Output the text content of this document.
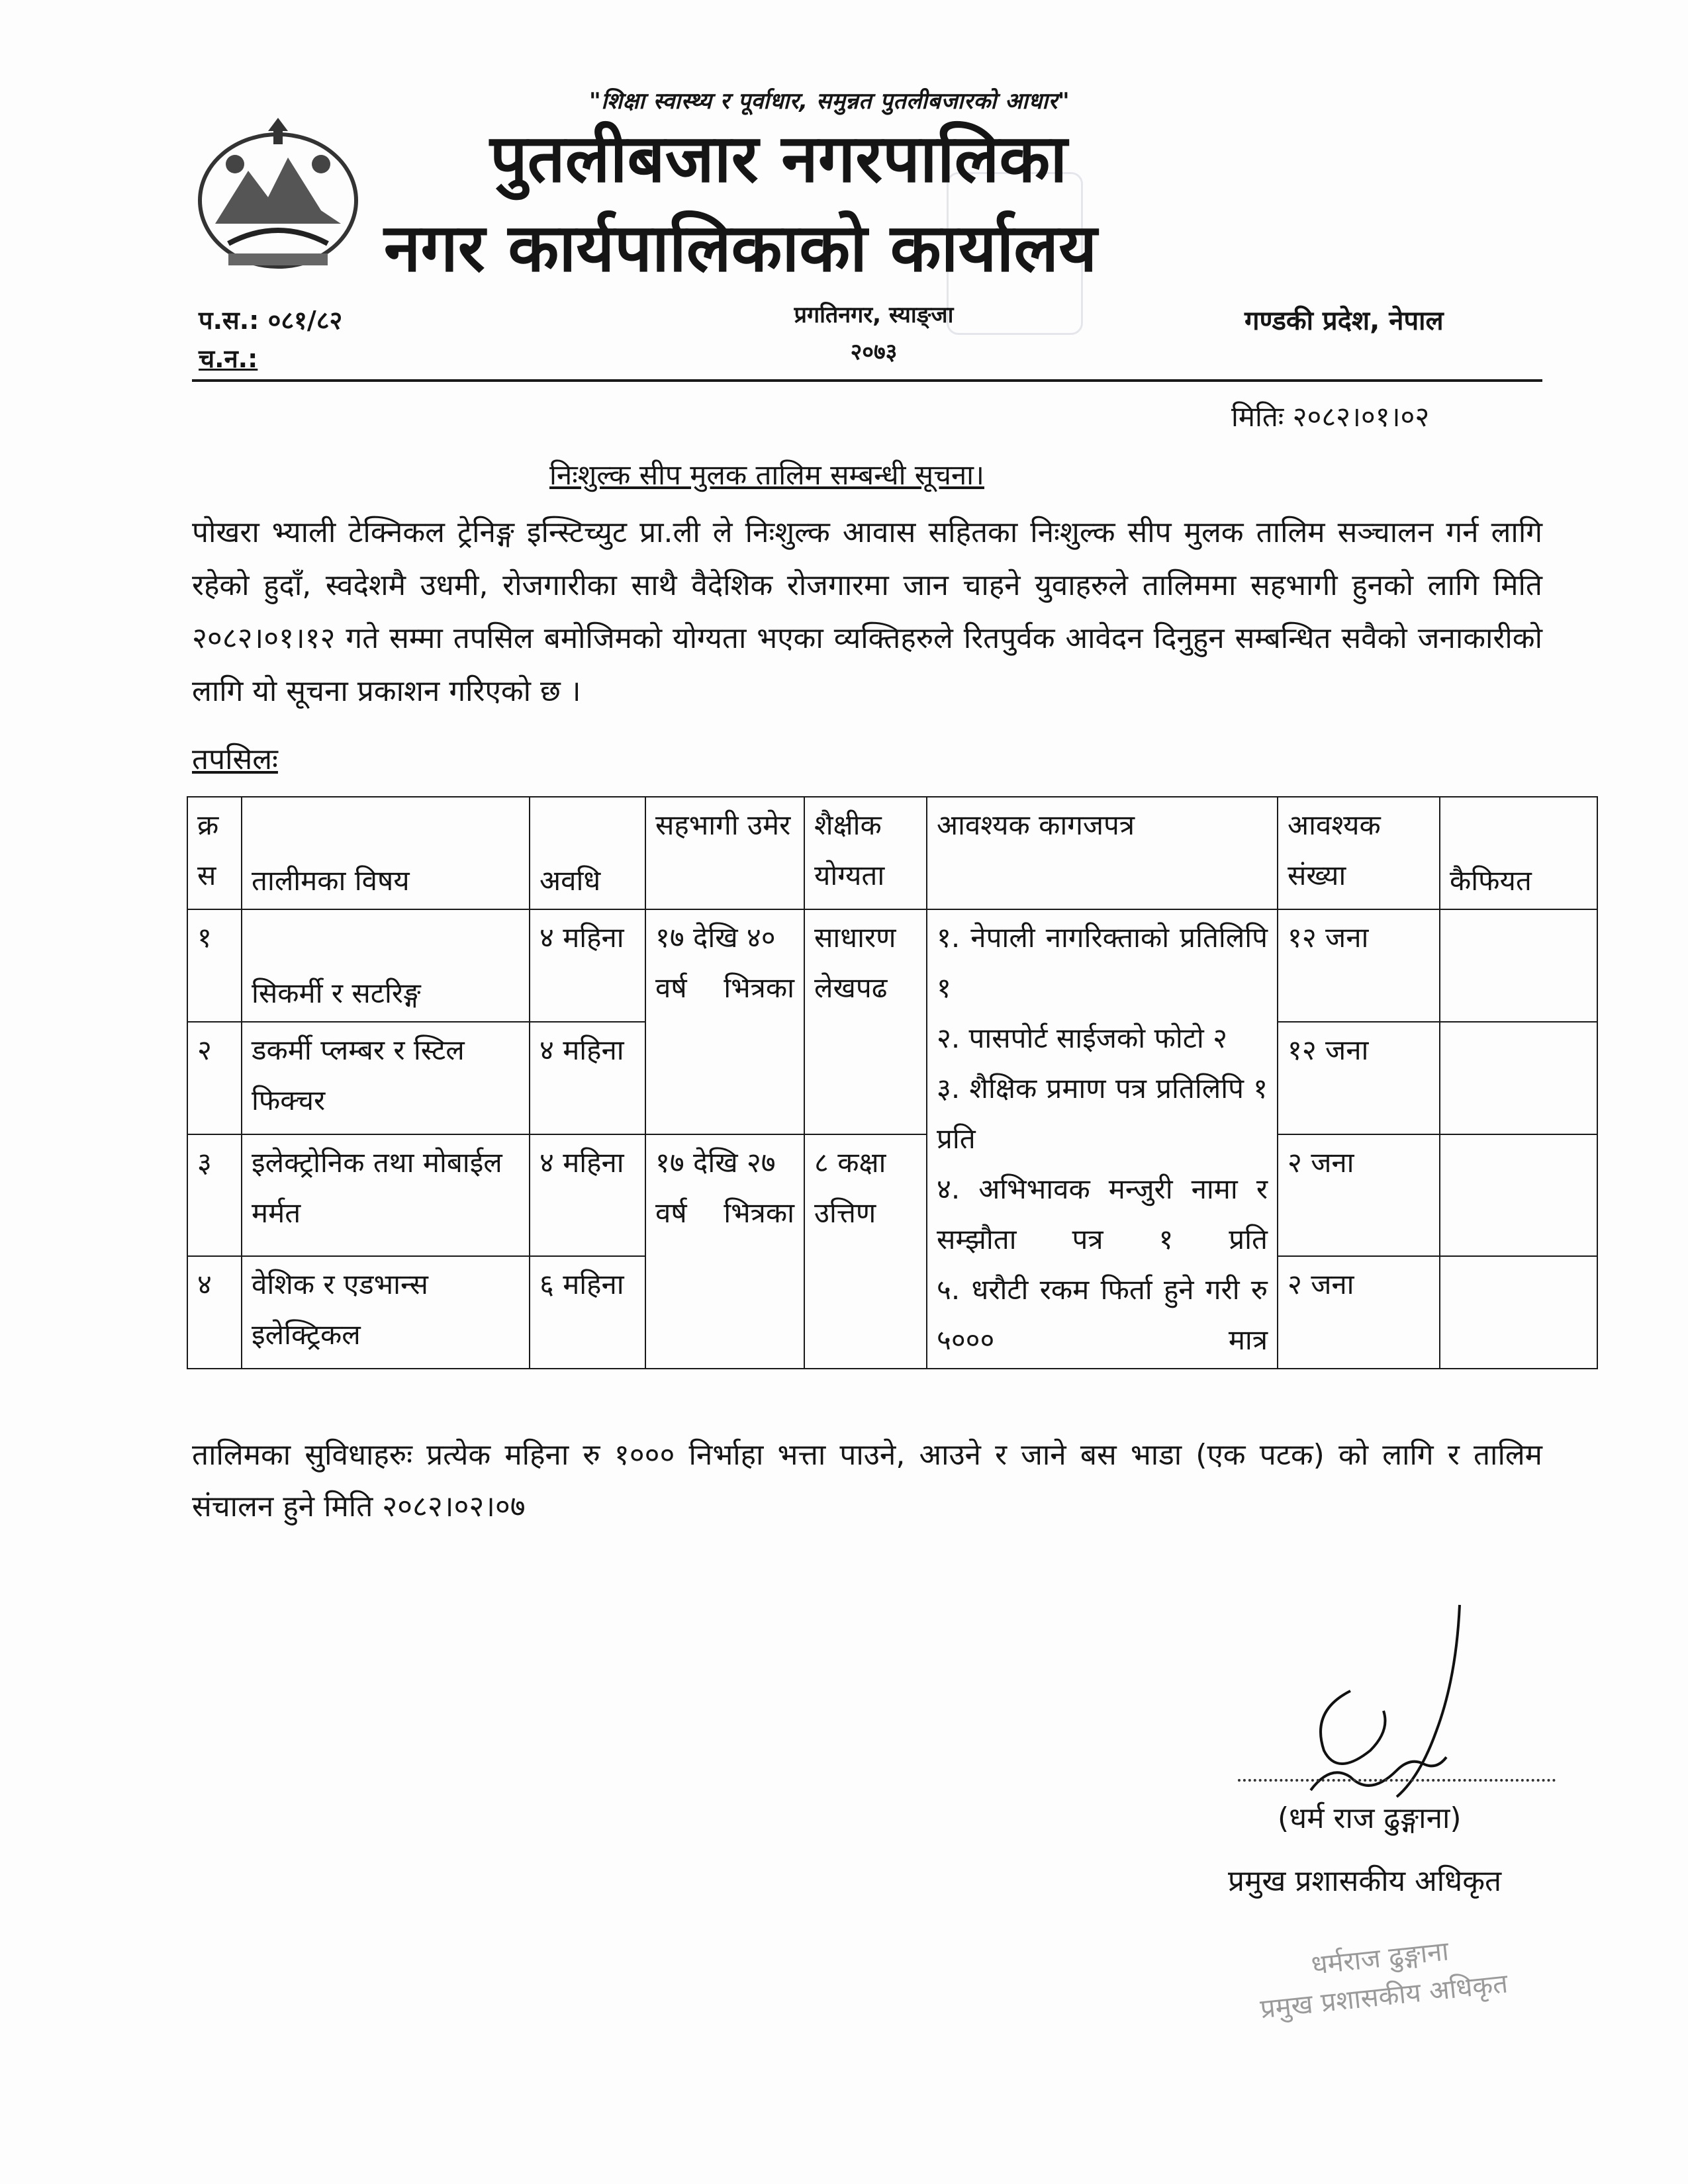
"शिक्षा स्वास्थ्य र पूर्वाधार, समुन्नत पुतलीबजारको आधार"
पुतलीबजार नगरपालिका
नगर कार्यपालिकाको कार्यालय
प.स.: ०८१/८२
च.न.:
प्रगतिनगर, स्याङ्जा
२०७३
गण्डकी प्रदेश, नेपाल
मितिः २०८२।०१।०२
निःशुल्क सीप मुलक तालिम सम्बन्धी सूचना।
पोखरा भ्याली टेक्निकल ट्रेनिङ्ग इन्स्टिच्युट प्रा.ली ले निःशुल्क आवास सहितका निःशुल्क सीप मुलक तालिम सञ्चालन गर्न लागि रहेको हुदाँ, स्वदेशमै उधमी, रोजगारीका साथै वैदेशिक रोजगारमा जान चाहने युवाहरुले तालिममा सहभागी हुनको लागि मिति २०८२।०१।१२ गते सम्मा तपसिल बमोजिमको योग्यता भएका व्यक्तिहरुले रितपुर्वक आवेदन दिनुहुन सम्बन्धित सवैको जनाकारीको लागि यो सूचना प्रकाशन गरिएको छ ।
तपसिलः
क्र स	तालीमका विषय	अवधि	सहभागी उमेर	शैक्षीक योग्यता	आवश्यक कागजपत्र	आवश्यक संख्या	कैफियत
१	सिकर्मी र सटरिङ्ग	४ महिना	१७ देखि ४० वर्ष भित्रका	साधारण लेखपढ	१. नेपाली नागरिक्ताको प्रतिलिपि १
२. पासपोर्ट साईजको फोटो २
३. शैक्षिक प्रमाण पत्र प्रतिलिपि १ प्रति
४. अभिभावक मन्जुरी नामा र सम्झौता पत्र १ प्रति
५. धरौटी रकम फिर्ता हुने गरी रु ५००० मात्र	१२ जना	
२	डकर्मी प्लम्बर र स्टिल फिक्चर	४ महिना				१२ जना	
३	इलेक्ट्रोनिक तथा मोबाईल मर्मत	४ महिना	१७ देखि २७ वर्ष भित्रका	८ कक्षा उत्तिण		२ जना	
४	वेशिक र एडभान्स इलेक्ट्रिकल	६ महिना				२ जना	
तालिमका सुविधाहरुः प्रत्येक महिना रु १००० निर्भाहा भत्ता पाउने, आउने र जाने बस भाडा (एक पटक) को लागि र तालिम संचालन हुने मिति २०८२।०२।०७
(धर्म राज ढुङ्गाना)
प्रमुख प्रशासकीय अधिकृत
धर्मराज ढुङ्गाना
प्रमुख प्रशासकीय अधिकृत
